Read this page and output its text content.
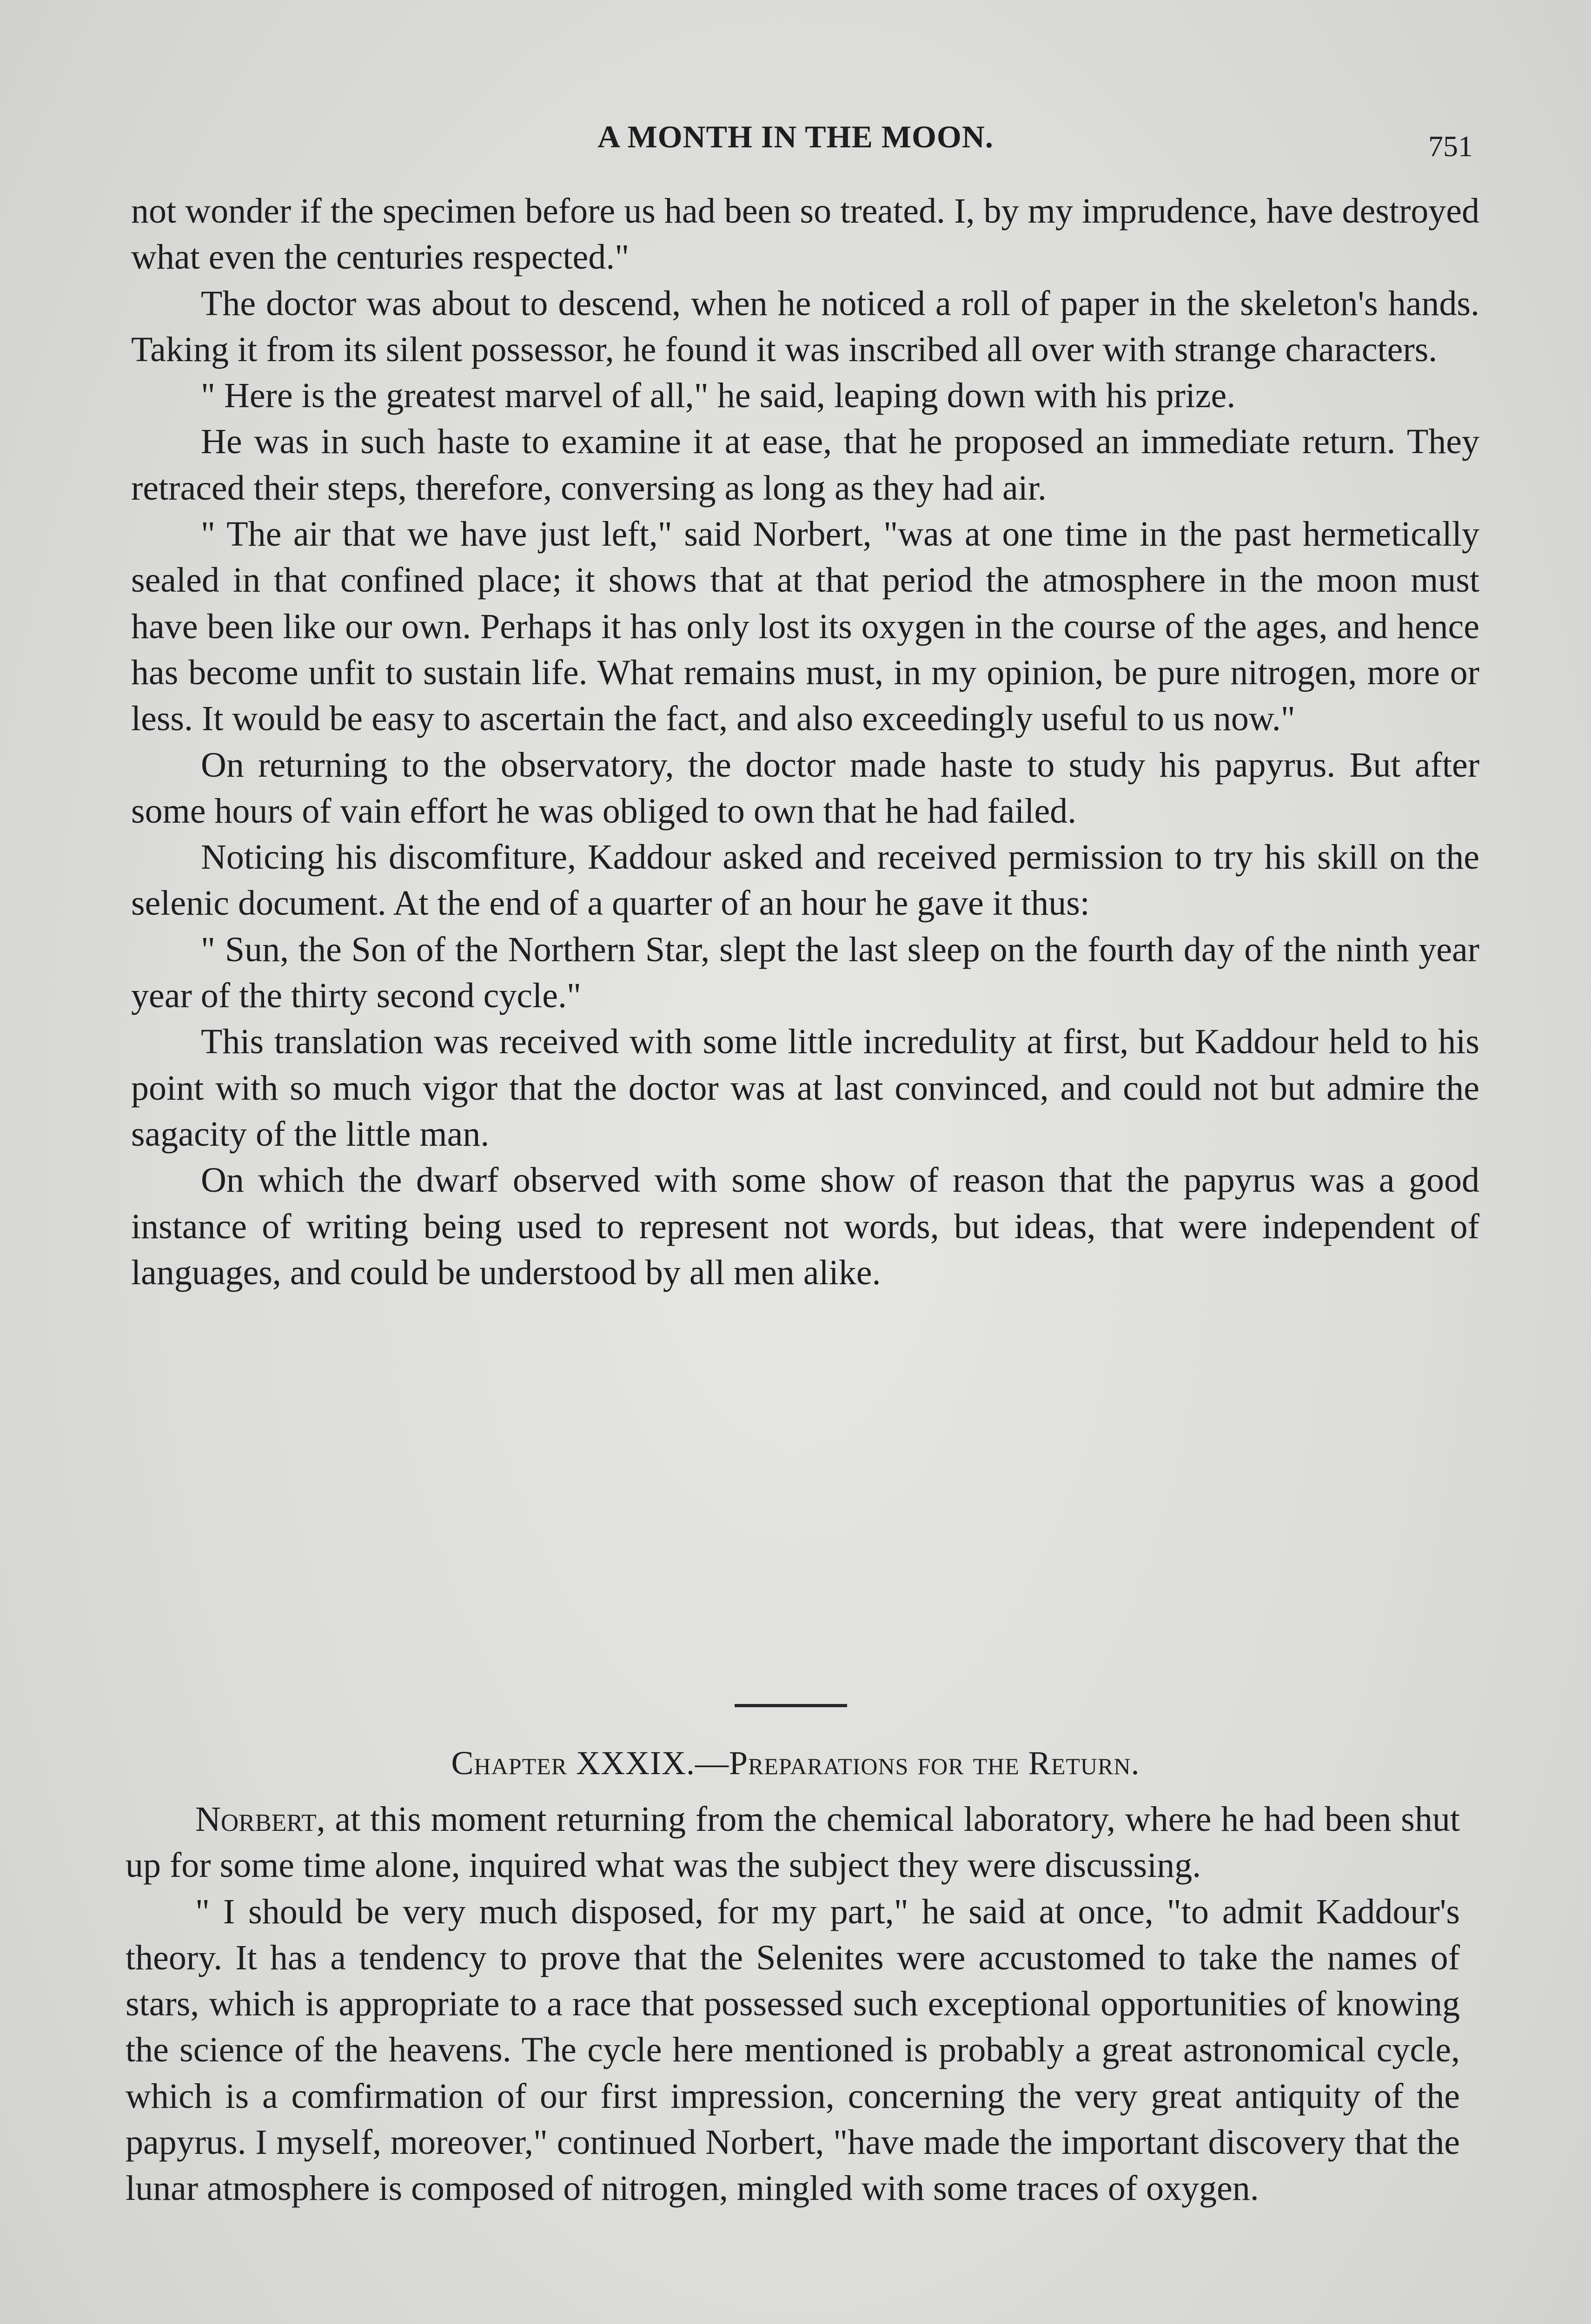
A MONTH IN THE MOON.	751

not wonder if the specimen before us had been so treated. I, by my imprudence, have destroyed what even the centuries respected."

The doctor was about to descend, when he noticed a roll of paper in the skeleton's hands. Taking it from its silent possessor, he found it was inscribed all over with strange characters.

" Here is the greatest marvel of all," he said, leaping down with his prize.

He was in such haste to examine it at ease, that he proposed an immediate return. They retraced their steps, therefore, conversing as long as they had air.

" The air that we have just left," said Norbert, "was at one time in the past hermetically sealed in that confined place; it shows that at that period the atmosphere in the moon must have been like our own. Perhaps it has only lost its oxygen in the course of the ages, and hence has become unfit to sustain life. What remains must, in my opinion, be pure nitrogen, more or less. It would be easy to ascertain the fact, and also exceedingly useful to us now."

On returning to the observatory, the doctor made haste to study his papyrus. But after some hours of vain effort he was obliged to own that he had failed.

Noticing his discomfiture, Kaddour asked and received permission to try his skill on the selenic document. At the end of a quarter of an hour he gave it thus:

" Sun, the Son of the Northern Star, slept the last sleep on the fourth day of the ninth year year of the thirty second cycle."

This translation was received with some little incredulity at first, but Kaddour held to his point with so much vigor that the doctor was at last convinced, and could not but admire the sagacity of the little man.

On which the dwarf observed with some show of reason that the papyrus was a good instance of writing being used to represent not words, but ideas, that were independent of languages, and could be understood by all men alike.

Chapter XXXIX.—Preparations for the Return.

Norbert, at this moment returning from the chemical laboratory, where he had been shut up for some time alone, inquired what was the subject they were discussing.

" I should be very much disposed, for my part," he said at once, "to admit Kaddour's theory. It has a tendency to prove that the Selenites were accustomed to take the names of stars, which is appropriate to a race that possessed such exceptional opportunities of knowing the science of the heavens. The cycle here mentioned is probably a great astronomical cycle, which is a comfirmation of our first impression, concerning the very great antiquity of the papyrus. I myself, moreover," continued Norbert, "have made the important discovery that the lunar atmosphere is composed of nitrogen, mingled with some traces of oxygen.
